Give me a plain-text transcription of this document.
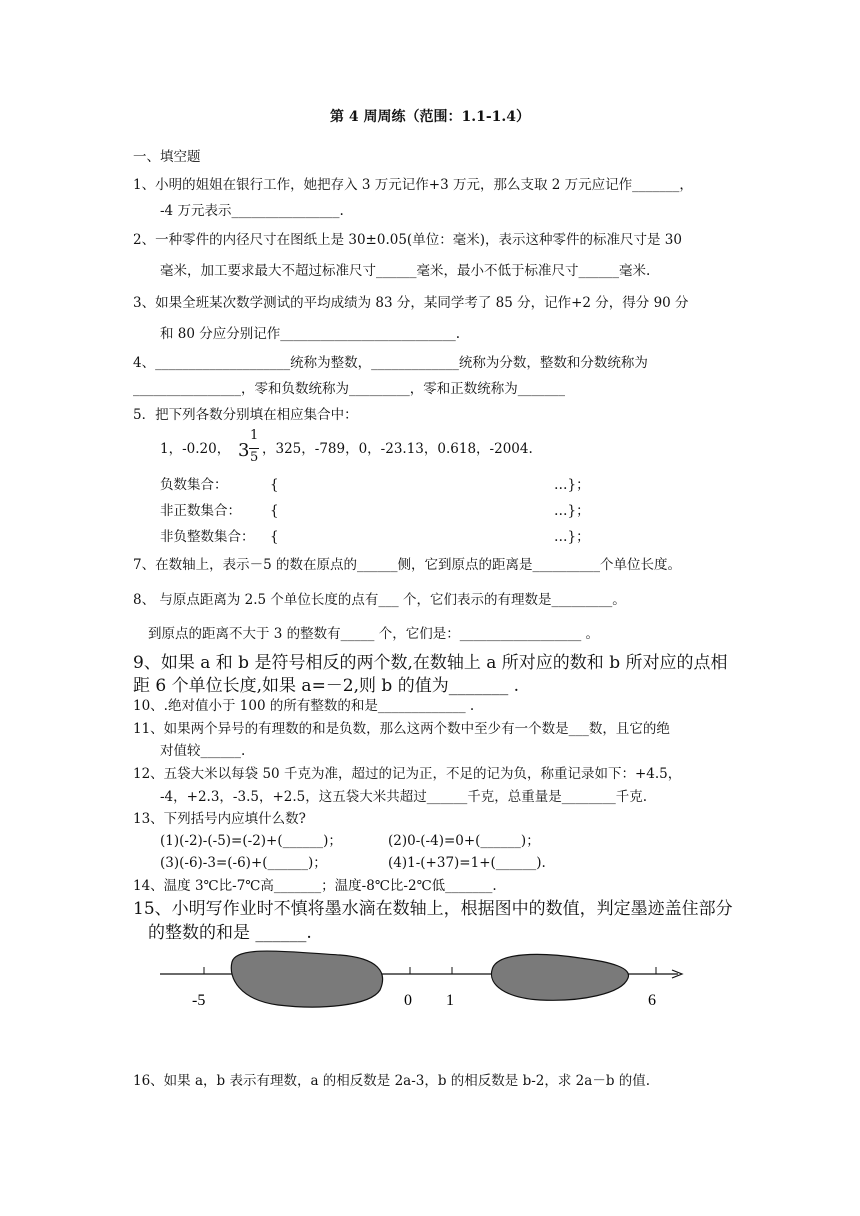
第 4 周周练（范围：1.1-1.4）
一、填空题
1、小明的姐姐在银行工作，她把存入 3 万元记作+3 万元，那么支取 2 万元应记作_______，
-4 万元表示________________.
2、一种零件的内径尺寸在图纸上是 30±0.05(单位：毫米)，表示这种零件的标准尺寸是 30
毫米，加工要求最大不超过标准尺寸______毫米，最小不低于标准尺寸______毫米.
3、如果全班某次数学测试的平均成绩为 83 分，某同学考了 85 分，记作+2 分，得分 90 分
和 80 分应分别记作__________________________.
4、____________________统称为整数，_____________统称为分数，整数和分数统称为
________________，零和负数统称为_________，零和正数统称为_______
5．把下列各数分别填在相应集合中：
1，-0.20， 3
1
5
，325，-789，0，-23.13，0.618，-2004.
负数集合：	{	…}；
非正数集合： {	…}；
非负整数集合： {	…}；
7、在数轴上，表示－5 的数在原点的______侧，它到原点的距离是__________个单位长度。
8、 与原点距离为 2.5 个单位长度的点有___ 个，它们表示的有理数是_________。
到原点的距离不大于 3 的整数有_____ 个，它们是：__________________ 。
9、如果 a 和 b 是符号相反的两个数,在数轴上 a 所对应的数和 b 所对应的点相
距 6 个单位长度,如果 a=－2,则 b 的值为_______ .
10、.绝对值小于 100 的所有整数的和是_____________ .
11、如果两个异号的有理数的和是负数，那么这两个数中至少有一个数是___数，且它的绝
对值较______.
12、五袋大米以每袋 50 千克为准，超过的记为正，不足的记为负，称重记录如下：+4.5，
-4，+2.3，-3.5，+2.5，这五袋大米共超过______千克，总重量是________千克.
13、下列括号内应填什么数?
(1)(-2)-(-5)=(-2)+(______)；	(2)0-(-4)=0+(______)；
(3)(-6)-3=(-6)+(______)；	(4)1-(+37)=1+(______).
14、温度 3℃比-7℃高_______；温度-8℃比-2℃低_______.
15、小明写作业时不慎将墨水滴在数轴上，根据图中的数值，判定墨迹盖住部分
的整数的和是 ______.
-5	0 1	6
16、如果 a，b 表示有理数，a 的相反数是 2a-3，b 的相反数是 b-2，求 2a－b 的值.
